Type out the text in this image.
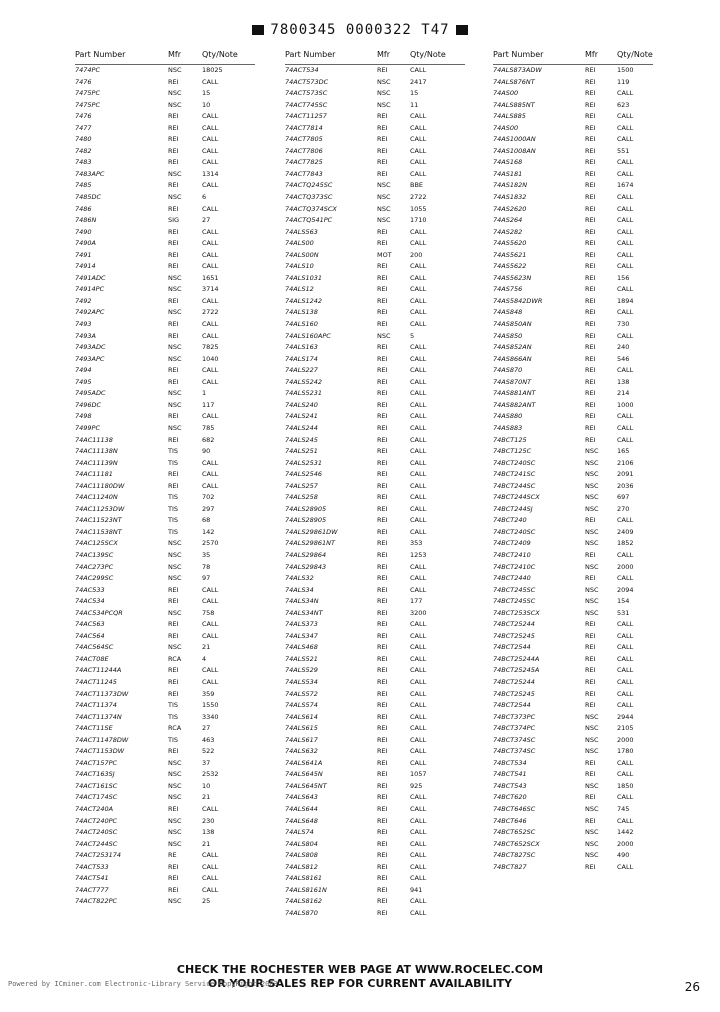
7800345 0000322 T47
Part Number	Mfr	Qty/Note
7474PC	NSC	18025
7476	REI	CALL
7475PC	NSC	15
7475PC	NSC	10
7476	REI	CALL
7477	REI	CALL
7480	REI	CALL
7482	REI	CALL
7483	REI	CALL
7483APC	NSC	1314
7485	REI	CALL
7485DC	NSC	6
7486	REI	CALL
7486N	SIG	27
7490	REI	CALL
7490A	REI	CALL
7491	REI	CALL
74914	REI	CALL
7491ADC	NSC	1651
74914PC	NSC	3714
7492	REI	CALL
7492APC	NSC	2722
7493	REI	CALL
7493A	REI	CALL
7493ADC	NSC	7825
7493APC	NSC	1040
7494	REI	CALL
7495	REI	CALL
7495ADC	NSC	1
7496DC	NSC	117
7498	REI	CALL
7499PC	NSC	785
74AC11138	REI	682
74AC11138N	TIS	90
74AC11139N	TIS	CALL
74AC11181	REI	CALL
74AC11180DW	REI	CALL
74AC11240N	TIS	702
74AC11253DW	TIS	297
74AC11523NT	TIS	68
74AC11538NT	TIS	142
74AC125SCX	NSC	2570
74AC139SC	NSC	35
74AC273PC	NSC	78
74AC299SC	NSC	97
74AC533	REI	CALL
74AC534	REI	CALL
74AC534PCQR	NSC	758
74AC563	REI	CALL
74AC564	REI	CALL
74AC564SC	NSC	21
74ACT08E	RCA	4
74ACT11244A	REI	CALL
74ACT11245	REI	CALL
74ACT11373DW	REI	359
74ACT11374	TIS	1550
74ACT11374N	TIS	3340
74ACT11SE	RCA	27
74ACT11478DW	TIS	463
74ACT1153DW	REI	522
74ACT157PC	NSC	37
74ACT163SJ	NSC	2532
74ACT161SC	NSC	10
74ACT174SC	NSC	21
74ACT240A	REI	CALL
74ACT240PC	NSC	230
74ACT240SC	NSC	138
74ACT244SC	NSC	21
74ACT253174	RE	CALL
74ACT533	REI	CALL
74ACT541	REI	CALL
74ACT777	REI	CALL
74ACT822PC	NSC	25
Part Number	Mfr Qty/Note
74ACT534	REI	CALL
74ACT573DC	NSC	2417
74ACT573SC	NSC	15
74ACT745SC	NSC	11
74ACT11257	REI	CALL
74ACT7814	REI	CALL
74ACT7805	REI	CALL
74ACT7806	REI	CALL
74ACT7825	REI	CALL
74ACT7843	REI	CALL
74ACTQ245SC	NSC	BBE
74ACTQ373SC	NSC	2722
74ACTQ374SCX	NSC	1055
74ACTQ541PC	NSC	1710
74ALS563	REI	CALL
74ALS00	REI	CALL
74ALS00N	MOT	200
74ALS10	REI	CALL
74ALS1031	REI	CALL
74ALS12	REI	CALL
74ALS1242	REI	CALL
74ALS138	REI	CALL
74ALS160	REI	CALL
74ALS160APC	NSC	5
74ALS163	REI	CALL
74ALS174	REI	CALL
74ALS227	REI	CALL
74ALS5242	REI	CALL
74ALS5231	REI	CALL
74ALS240	REI	CALL
74ALS241	REI	CALL
74ALS244	REI	CALL
74ALS245	REI	CALL
74ALS251	REI	CALL
74ALS2531	REI	CALL
74ALS2546	REI	CALL
74ALS257	REI	CALL
74ALS258	REI	CALL
74ALS28905	REI	CALL
74ALS28905	REI	CALL
74ALS29861DW	REI	CALL
74ALS29861NT	REI	353
74ALS29864	REI	1253
74ALS29843	REI	CALL
74ALS32	REI	CALL
74ALS34	REI	CALL
74ALS34N	REI	177
74ALS34NT	REI	3200
74ALS373	REI	CALL
74ALS347	REI	CALL
74ALS468	REI	CALL
74ALS521	REI	CALL
74ALS529	REI	CALL
74ALS534	REI	CALL
74ALS572	REI	CALL
74ALS574	REI	CALL
74ALS614	REI	CALL
74ALS615	REI	CALL
74ALS617	REI	CALL
74ALS632	REI	CALL
74ALS641A	REI	CALL
74ALS645N	REI	1057
74ALS645NT	REI	925
74ALS643	REI	CALL
74ALS644	REI	CALL
74ALS648	REI	CALL
74ALS74	REI	CALL
74ALS804	REI	CALL
74ALS808	REI	CALL
74ALS812	REI	CALL
74ALS8161	REI	CALL
74ALS8161N	REI	941
74ALS8162	REI	CALL
74ALS870	REI	CALL
Part Number	Mfr Qty/Note
74ALS873ADW	REI	1500
74ALS876NT	REI	119
74AS00	REI	CALL
74ALS885NT	REI	623
74ALS885	REI	CALL
74AS00	REI	CALL
74AS1000AN	REI	CALL
74AS1008AN	REI	551
74AS168	REI	CALL
74AS181	REI	CALL
74AS182N	REI	1674
74AS1832	REI	CALL
74AS2620	REI	CALL
74AS264	REI	CALL
74AS282	REI	CALL
74AS5620	REI	CALL
74AS5621	REI	CALL
74AS5622	REI	CALL
74AS5623N	REI	156
74AS756	REI	CALL
74AS5842DWR	REI	1894
74AS848	REI	CALL
74AS850AN	REI	730
74AS850	REI	CALL
74AS852AN	REI	240
74AS866AN	REI	546
74AS870	REI	CALL
74AS870NT	REI	138
74AS881ANT	REI	214
74AS882ANT	REI	1000
74AS880	REI	CALL
74AS883	REI	CALL
74BCT125	REI	CALL
74BCT125C	NSC	165
74BCT240SC	NSC	2106
74BCT241SC	NSC	2091
74BCT244SC	NSC	2036
74BCT244SCX	NSC	697
74BCT244SJ	NSC	270
74BCT240	REI	CALL
74BCT240SC	NSC	2409
74BCT2409	NSC	1852
74BCT2410	REI	CALL
74BCT2410C	NSC	2000
74BCT2440	REI	CALL
74BCT245SC	NSC	2094
74BCT245SC	NSC	154
74BCT253SCX	NSC	531
74BCT25244	REI	CALL
74BCT25245	REI	CALL
74BCT2544	REI	CALL
74BCT25244A	REI	CALL
74BCT25245A	REI	CALL
74BCT25244	REI	CALL
74BCT25245	REI	CALL
74BCT2544	REI	CALL
74BCT373PC	NSC	2944
74BCT374PC	NSC	2105
74BCT374SC	NSC	2000
74BCT374SC	NSC	1780
74BCT534	REI	CALL
74BCT541	REI	CALL
74BCT543	NSC	1850
74BCT620	REI	CALL
74BCT646SC	NSC	745
74BCT646	REI	CALL
74BCT652SC	NSC	1442
74BCT652SCX	NSC	2000
74BCT827SC	NSC	490
74BCT827	REI	CALL
CHECK THE ROCHESTER WEB PAGE AT WWW.ROCELEC.COM
OR YOUR SALES REP FOR CURRENT AVAILABILITY
Powered by ICminer.com Electronic-Library Service CopyRight 2003	26
